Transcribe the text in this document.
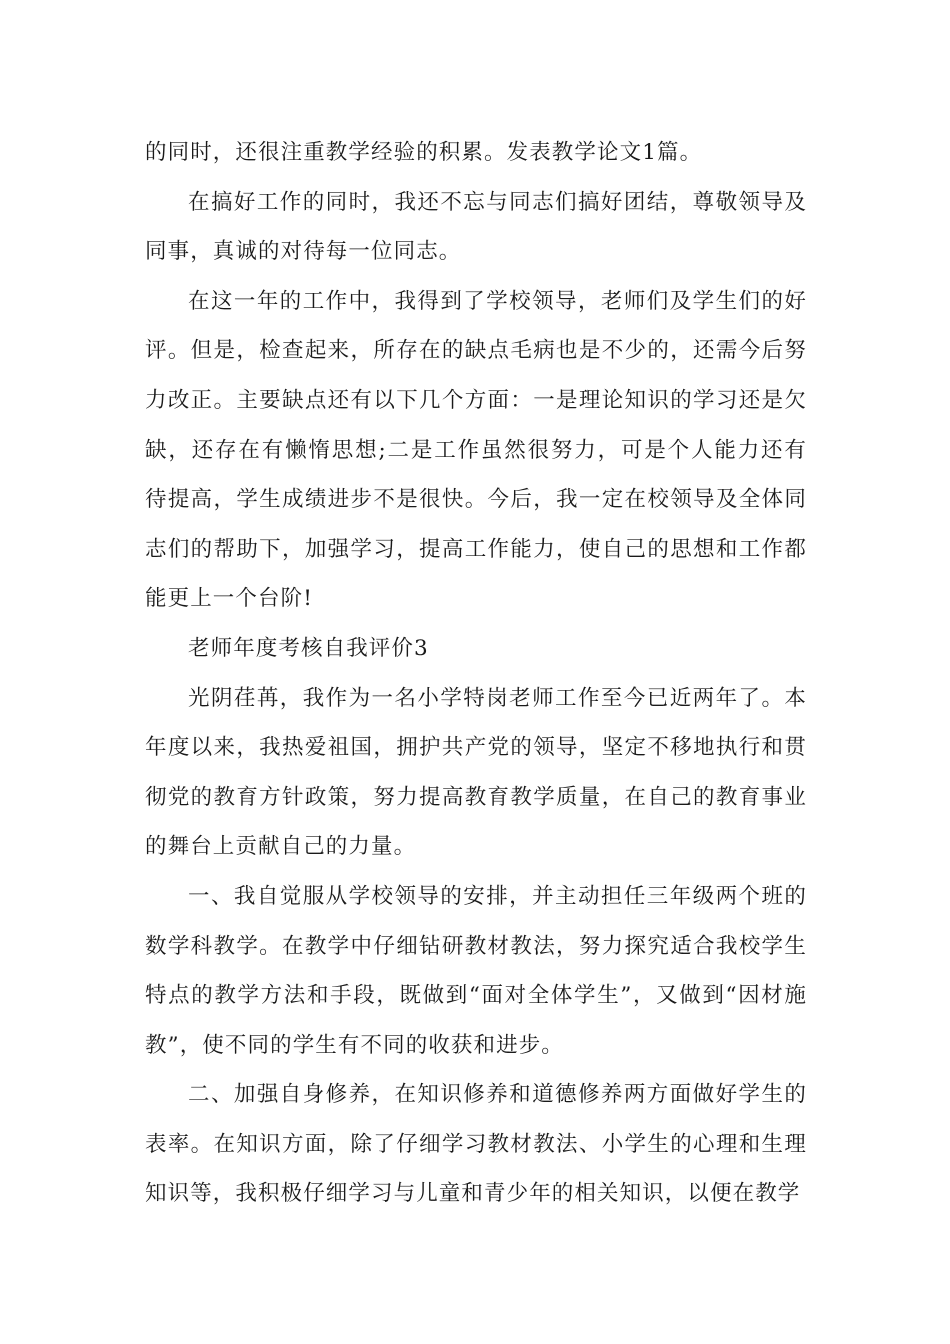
的同时，还很注重教学经验的积累。发表教学论文1篇。

在搞好工作的同时，我还不忘与同志们搞好团结，尊敬领导及同事，真诚的对待每一位同志。

在这一年的工作中，我得到了学校领导，老师们及学生们的好评。但是，检查起来，所存在的缺点毛病也是不少的，还需今后努力改正。主要缺点还有以下几个方面：一是理论知识的学习还是欠缺，还存在有懒惰思想;二是工作虽然很努力，可是个人能力还有待提高，学生成绩进步不是很快。今后，我一定在校领导及全体同志们的帮助下，加强学习，提高工作能力，使自己的思想和工作都能更上一个台阶!

老师年度考核自我评价3

光阴荏苒，我作为一名小学特岗老师工作至今已近两年了。本年度以来，我热爱祖国，拥护共产党的领导，坚定不移地执行和贯彻党的教育方针政策，努力提高教育教学质量，在自己的教育事业的舞台上贡献自己的力量。

一、我自觉服从学校领导的安排，并主动担任三年级两个班的数学科教学。在教学中仔细钻研教材教法，努力探究适合我校学生特点的教学方法和手段，既做到“面对全体学生”，又做到“因材施教”，使不同的学生有不同的收获和进步。

二、加强自身修养，在知识修养和道德修养两方面做好学生的表率。在知识方面，除了仔细学习教材教法、小学生的心理和生理知识等，我积极仔细学习与儿童和青少年的相关知识，以便在教学
